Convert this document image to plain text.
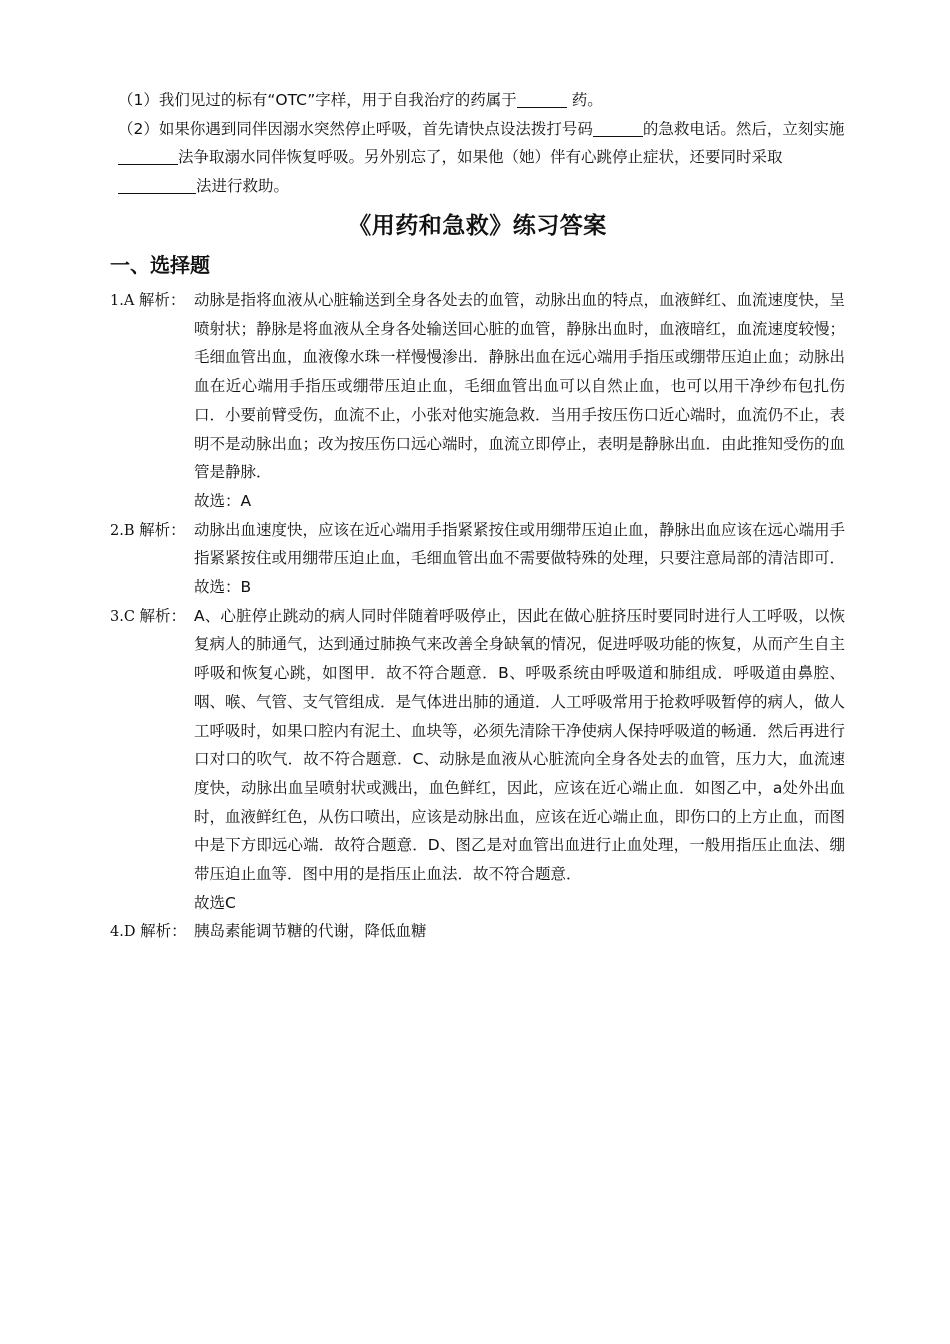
（1）我们见过的标有“OTC”字样，用于自我治疗的药属于	药。

（2）如果你遇到同伴因溺水突然停止呼吸，首先请快点设法拨打号码	的急救电话。然后，立刻实施法争取溺水同伴恢复呼吸。另外别忘了，如果他（她）伴有心跳停止症状，还要同时采取法进行救助。

《用药和急救》练习答案
一、选择题
1.A 解析： 动脉是指将血液从心脏输送到全身各处去的血管，动脉出血的特点，血液鲜红、血流速度快，呈喷射状；静脉是将血液从全身各处输送回心脏的血管，静脉出血时，血液暗红，血流速度较慢；毛细血管出血，血液像水珠一样慢慢渗出．静脉出血在远心端用手指压或绷带压迫止血；动脉出血在近心端用手指压或绷带压迫止血，毛细血管出血可以自然止血，也可以用干净纱布包扎伤口．小要前臂受伤，血流不止，小张对他实施急救．当用手按压伤口近心端时，血流仍不止，表明不是动脉出血；改为按压伤口远心端时，血流立即停止，表明是静脉出血．由此推知受伤的血管是静脉．

故选：A

2.B 解析： 动脉出血速度快，应该在近心端用手指紧紧按住或用绷带压迫止血，静脉出血应该在远心端用手指紧紧按住或用绷带压迫止血，毛细血管出血不需要做特殊的处理，只要注意局部的清洁即可．

故选：B

3.C 解析： A、心脏停止跳动的病人同时伴随着呼吸停止，因此在做心脏挤压时要同时进行人工呼吸，以恢复病人的肺通气，达到通过肺换气来改善全身缺氧的情况，促进呼吸功能的恢复，从而产生自主呼吸和恢复心跳，如图甲．故不符合题意．B、呼吸系统由呼吸道和肺组成．呼吸道由鼻腔、咽、喉、气管、支气管组成．是气体进出肺的通道．人工呼吸常用于抢救呼吸暂停的病人，做人工呼吸时，如果口腔内有泥土、血块等，必须先清除干净使病人保持呼吸道的畅通．然后再进行口对口的吹气．故不符合题意．C、动脉是血液从心脏流向全身各处去的血管，压力大，血流速度快，动脉出血呈喷射状或溅出，血色鲜红，因此，应该在近心端止血．如图乙中，a处外出血时，血液鲜红色，从伤口喷出，应该是动脉出血，应该在近心端止血，即伤口的上方止血，而图中是下方即远心端．故符合题意．D、图乙是对血管出血进行止血处理，一般用指压止血法、绷带压迫止血等．图中用的是指压止血法．故不符合题意．

故选C

4.D 解析： 胰岛素能调节糖的代谢，降低血糖
